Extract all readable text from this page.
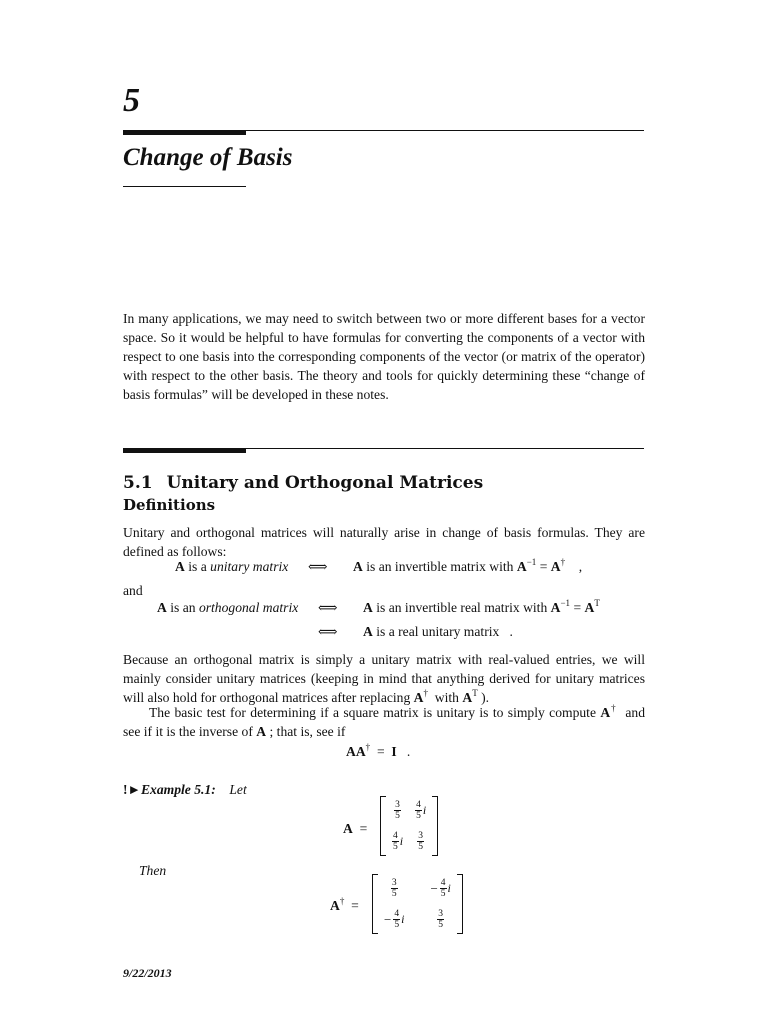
5
Change of Basis
In many applications, we may need to switch between two or more different bases for a vector space. So it would be helpful to have formulas for converting the components of a vector with respect to one basis into the corresponding components of the vector (or matrix of the operator) with respect to the other basis. The theory and tools for quickly determining these “change of basis formulas” will be developed in these notes.
5.1 Unitary and Orthogonal Matrices
Definitions
Unitary and orthogonal matrices will naturally arise in change of basis formulas. They are defined as follows:
A is a unitary matrix ⟺ A is an invertible matrix with $A^{-1} = A^\dagger$ ,
and
A is an orthogonal matrix ⟺ A is an invertible real matrix with $A^{-1} = A^T$
⟺ A is a real unitary matrix .
Because an orthogonal matrix is simply a unitary matrix with real-valued entries, we will mainly consider unitary matrices (keeping in mind that anything derived for unitary matrices will also hold for orthogonal matrices after replacing A† with $A^T$ ).
The basic test for determining if a square matrix is unitary is to simply compute A† and see if it is the inverse of A ; that is, see if
AA† = I .
!►Example 5.1: Let
A =
$\frac{3}{5} \frac{4}{5}$ i
$\frac{4}{5}$ i $\frac{3}{5}$
Then
A† =
$\frac{3}{5}$	− $\frac{4}{5}$ i
− $\frac{4}{5}$ i	$\frac{3}{5}$
9/22/2013
